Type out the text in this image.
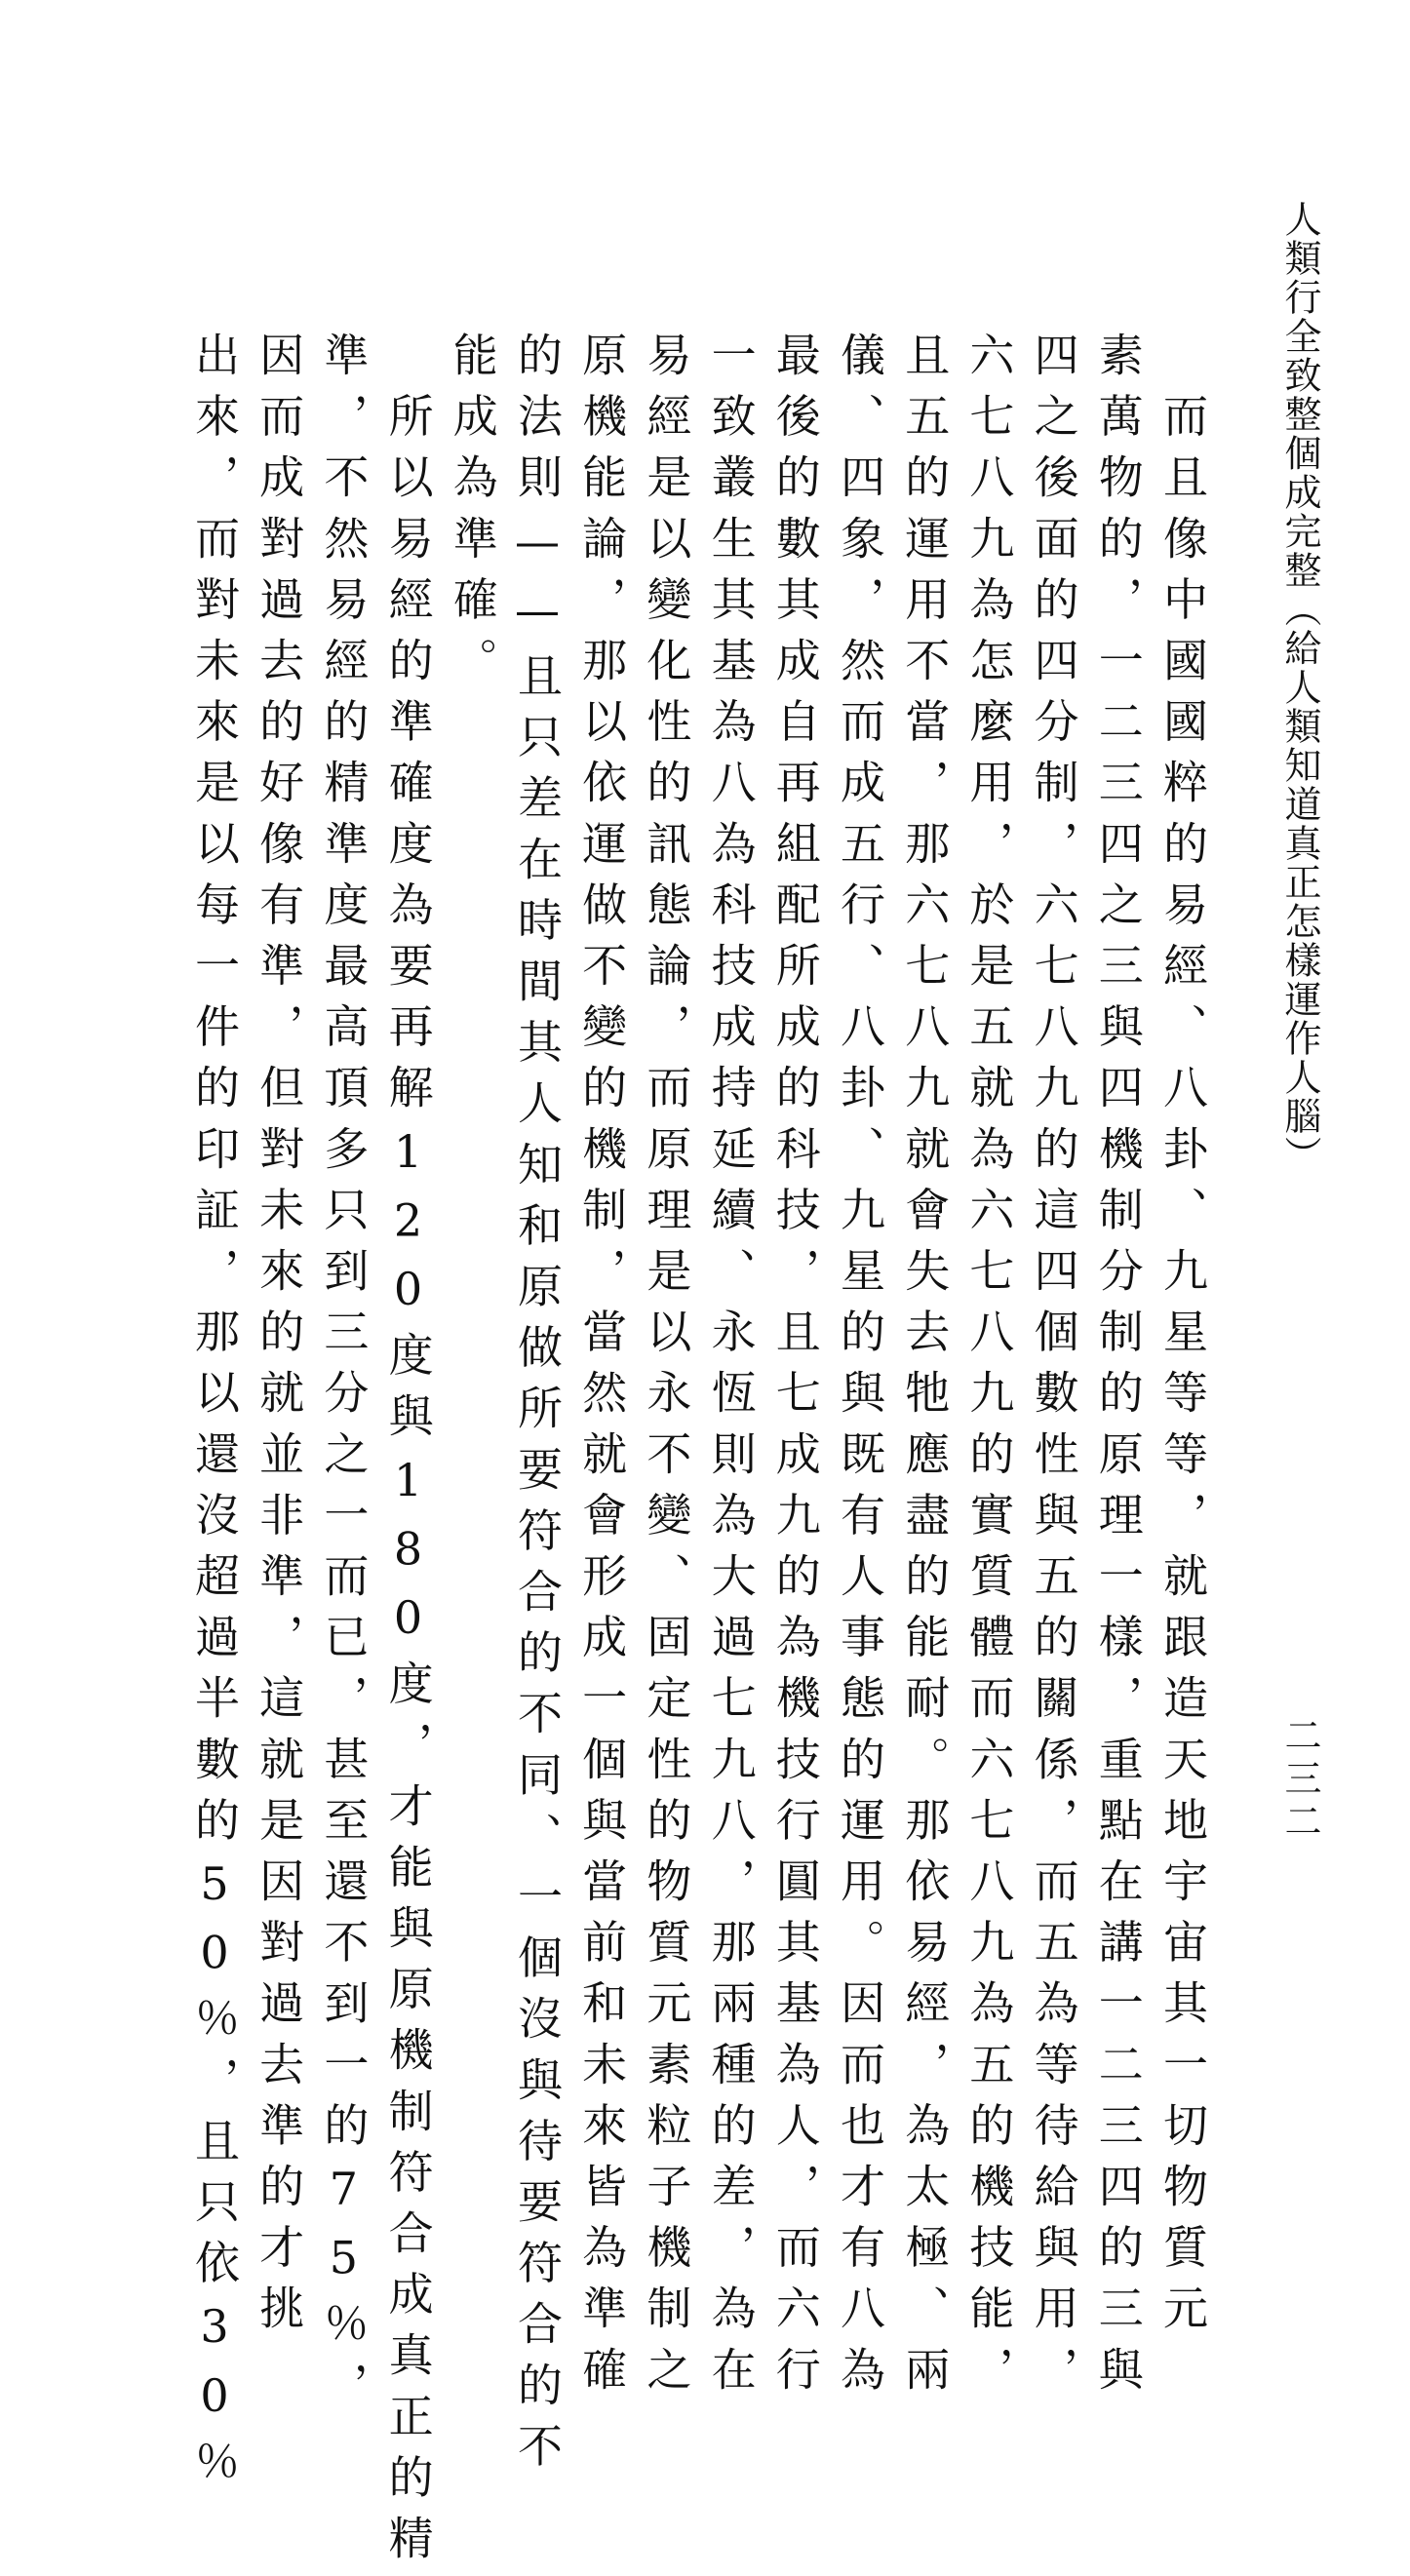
人類行全致整個成完整（給人類知道真正怎樣運作人腦）
二三二
　而且像中國國粹的易經、八卦、九星等等，就跟造天地宇宙其一切物質元
素萬物的，一二三四之三與四機制分制的原理一樣，重點在講一二三四的三與
四之後面的四分制，六七八九的這四個數性與五的關係，而五為等待給與用，
六七八九為怎麼用，於是五就為六七八九的實質體而六七八九為五的機技能，
且五的運用不當，那六七八九就會失去牠應盡的能耐。那依易經，為太極、兩
儀、四象，然而成五行、八卦、九星的與既有人事態的運用。因而也才有八為
最後的數其成自再組配所成的科技，且七成九的為機技行圓其基為人，而六行
一致叢生其基為八為科技成持延續、永恆則為大過七九八，那兩種的差，為在
易經是以變化性的訊態論，而原理是以永不變、固定性的物質元素粒子機制之
原機能論，那以依運做不變的機制，當然就會形成一個與當前和未來皆為準確
的法則——且只差在時間其人知和原做所要符合的不同、一個沒與待要符合的不
能成為準確。
　所以易經的準確度為要再解120度與180度，才能與原機制符合成真正的精
準，不然易經的精準度最高頂多只到三分之一而已，甚至還不到一的75％，
因而成對過去的好像有準，但對未來的就並非準，這就是因對過去準的才挑
出來，而對未來是以每一件的印証，那以還沒超過半數的50％，且只依30％
